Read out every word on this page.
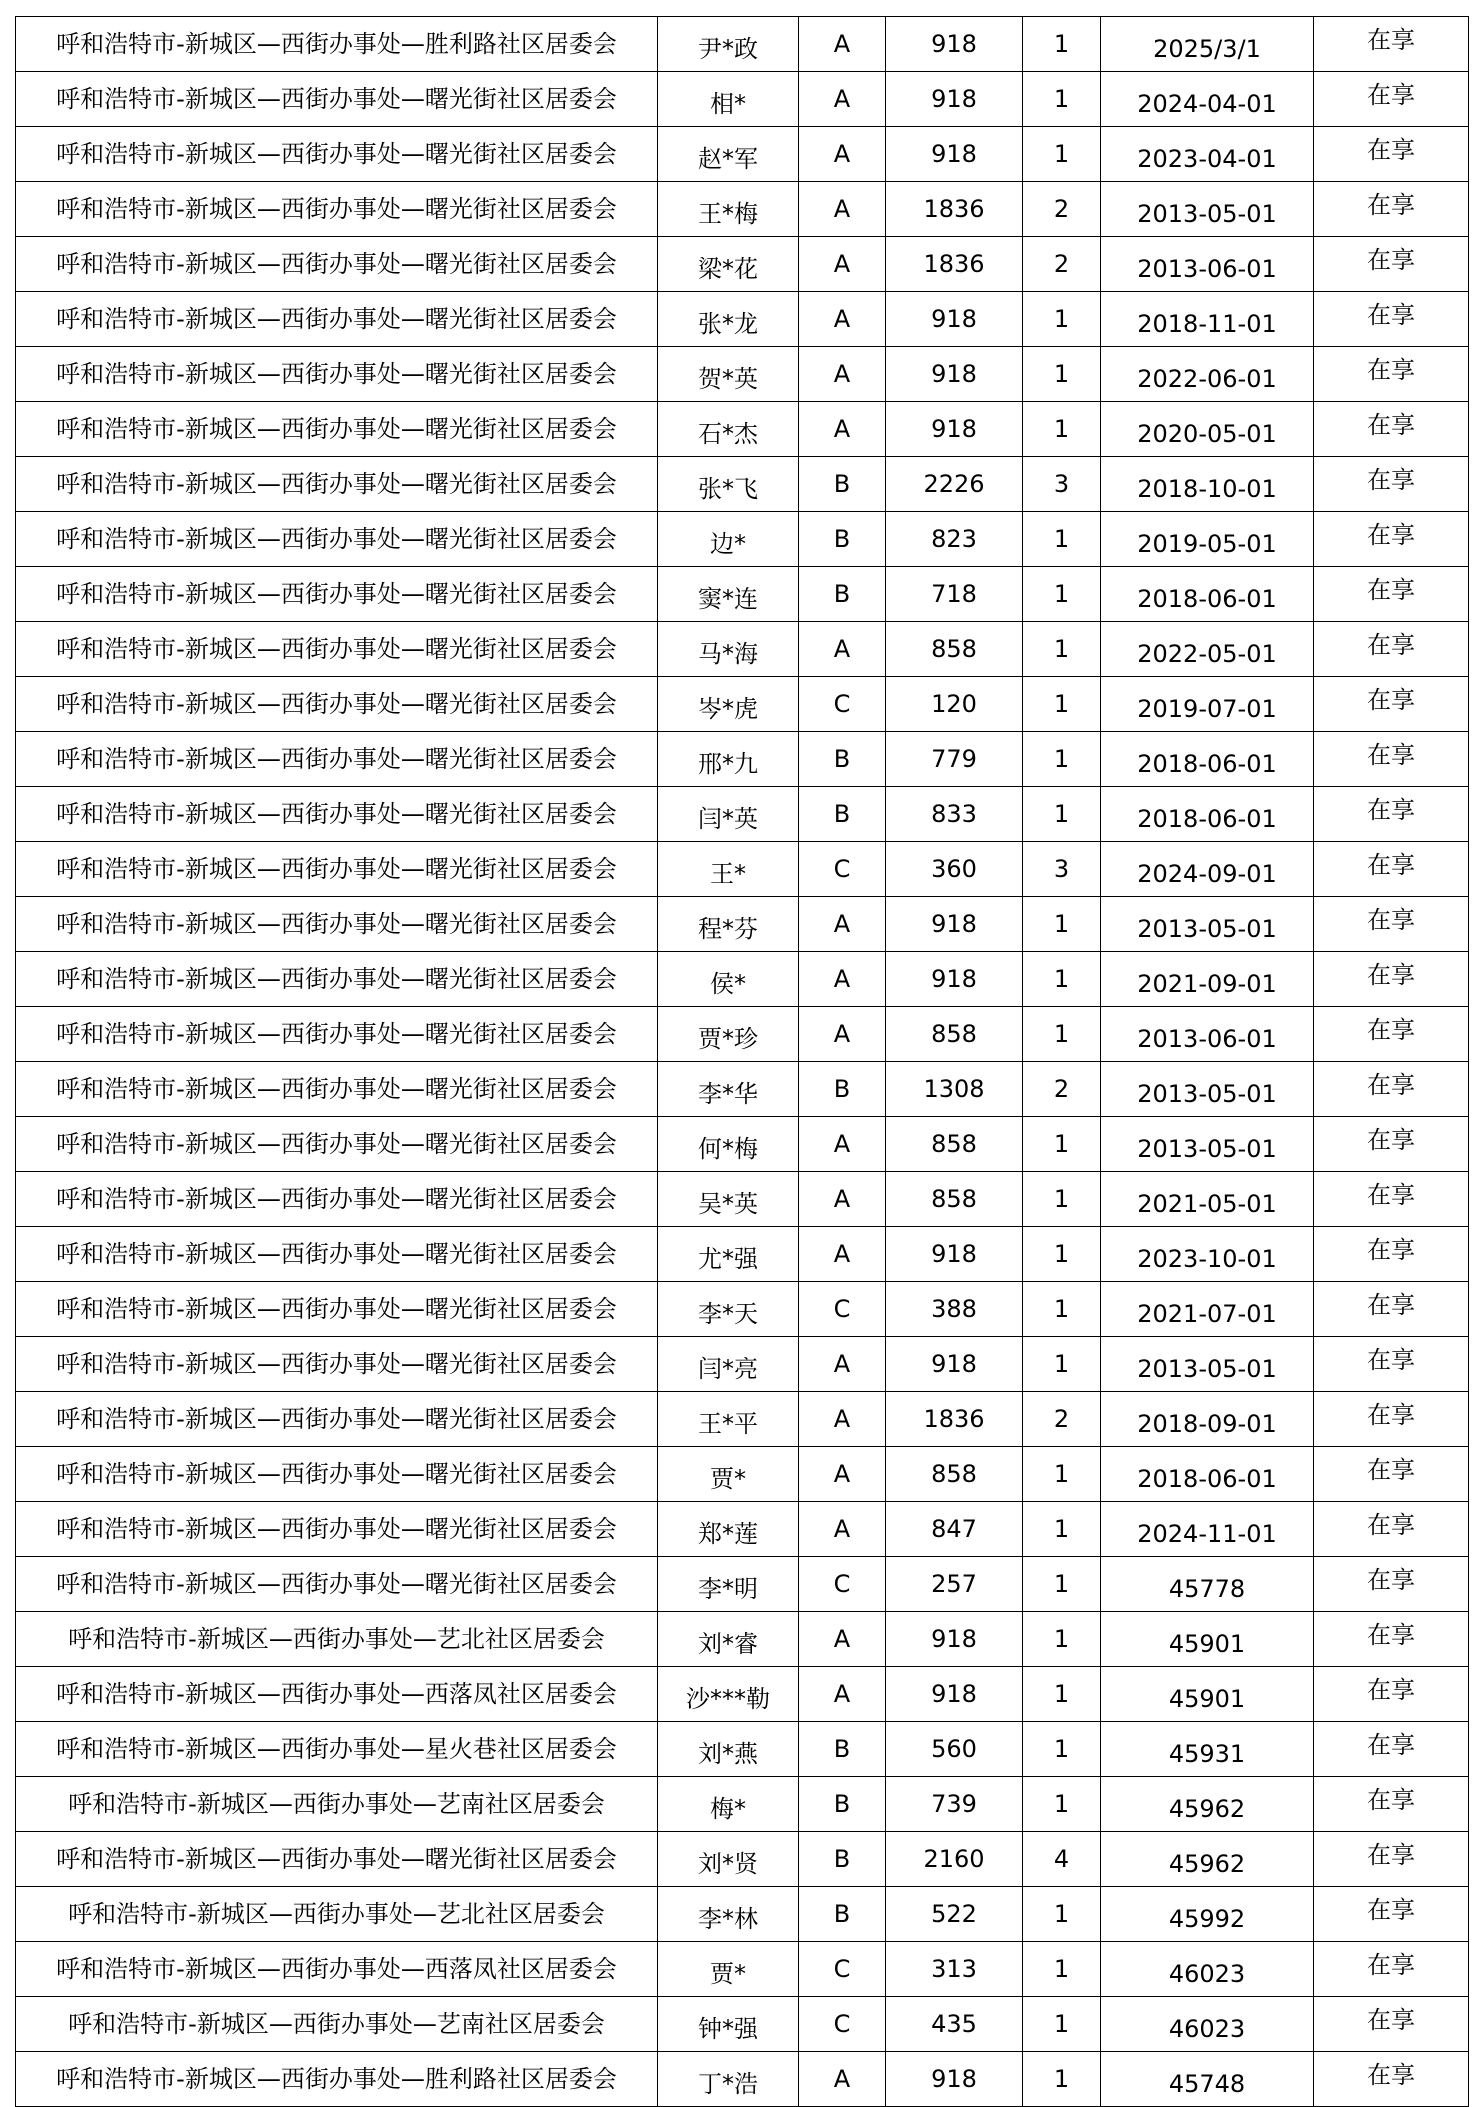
呼和浩特市-新城区—西街办事处—胜利路社区居委会	尹*政	A	918	1	2025/3/1	在享
呼和浩特市-新城区—西街办事处—曙光街社区居委会	相*	A	918	1	2024-04-01	在享
呼和浩特市-新城区—西街办事处—曙光街社区居委会	赵*军	A	918	1	2023-04-01	在享
呼和浩特市-新城区—西街办事处—曙光街社区居委会	王*梅	A	1836	2	2013-05-01	在享
呼和浩特市-新城区—西街办事处—曙光街社区居委会	梁*花	A	1836	2	2013-06-01	在享
呼和浩特市-新城区—西街办事处—曙光街社区居委会	张*龙	A	918	1	2018-11-01	在享
呼和浩特市-新城区—西街办事处—曙光街社区居委会	贺*英	A	918	1	2022-06-01	在享
呼和浩特市-新城区—西街办事处—曙光街社区居委会	石*杰	A	918	1	2020-05-01	在享
呼和浩特市-新城区—西街办事处—曙光街社区居委会	张*飞	B	2226	3	2018-10-01	在享
呼和浩特市-新城区—西街办事处—曙光街社区居委会	边*	B	823	1	2019-05-01	在享
呼和浩特市-新城区—西街办事处—曙光街社区居委会	窦*连	B	718	1	2018-06-01	在享
呼和浩特市-新城区—西街办事处—曙光街社区居委会	马*海	A	858	1	2022-05-01	在享
呼和浩特市-新城区—西街办事处—曙光街社区居委会	岑*虎	C	120	1	2019-07-01	在享
呼和浩特市-新城区—西街办事处—曙光街社区居委会	邢*九	B	779	1	2018-06-01	在享
呼和浩特市-新城区—西街办事处—曙光街社区居委会	闫*英	B	833	1	2018-06-01	在享
呼和浩特市-新城区—西街办事处—曙光街社区居委会	王*	C	360	3	2024-09-01	在享
呼和浩特市-新城区—西街办事处—曙光街社区居委会	程*芬	A	918	1	2013-05-01	在享
呼和浩特市-新城区—西街办事处—曙光街社区居委会	侯*	A	918	1	2021-09-01	在享
呼和浩特市-新城区—西街办事处—曙光街社区居委会	贾*珍	A	858	1	2013-06-01	在享
呼和浩特市-新城区—西街办事处—曙光街社区居委会	李*华	B	1308	2	2013-05-01	在享
呼和浩特市-新城区—西街办事处—曙光街社区居委会	何*梅	A	858	1	2013-05-01	在享
呼和浩特市-新城区—西街办事处—曙光街社区居委会	吴*英	A	858	1	2021-05-01	在享
呼和浩特市-新城区—西街办事处—曙光街社区居委会	尤*强	A	918	1	2023-10-01	在享
呼和浩特市-新城区—西街办事处—曙光街社区居委会	李*天	C	388	1	2021-07-01	在享
呼和浩特市-新城区—西街办事处—曙光街社区居委会	闫*亮	A	918	1	2013-05-01	在享
呼和浩特市-新城区—西街办事处—曙光街社区居委会	王*平	A	1836	2	2018-09-01	在享
呼和浩特市-新城区—西街办事处—曙光街社区居委会	贾*	A	858	1	2018-06-01	在享
呼和浩特市-新城区—西街办事处—曙光街社区居委会	郑*莲	A	847	1	2024-11-01	在享
呼和浩特市-新城区—西街办事处—曙光街社区居委会	李*明	C	257	1	45778	在享
呼和浩特市-新城区—西街办事处—艺北社区居委会	刘*睿	A	918	1	45901	在享
呼和浩特市-新城区—西街办事处—西落凤社区居委会	沙***勒	A	918	1	45901	在享
呼和浩特市-新城区—西街办事处—星火巷社区居委会	刘*燕	B	560	1	45931	在享
呼和浩特市-新城区—西街办事处—艺南社区居委会	梅*	B	739	1	45962	在享
呼和浩特市-新城区—西街办事处—曙光街社区居委会	刘*贤	B	2160	4	45962	在享
呼和浩特市-新城区—西街办事处—艺北社区居委会	李*林	B	522	1	45992	在享
呼和浩特市-新城区—西街办事处—西落凤社区居委会	贾*	C	313	1	46023	在享
呼和浩特市-新城区—西街办事处—艺南社区居委会	钟*强	C	435	1	46023	在享
呼和浩特市-新城区—西街办事处—胜利路社区居委会	丁*浩	A	918	1	45748	在享
